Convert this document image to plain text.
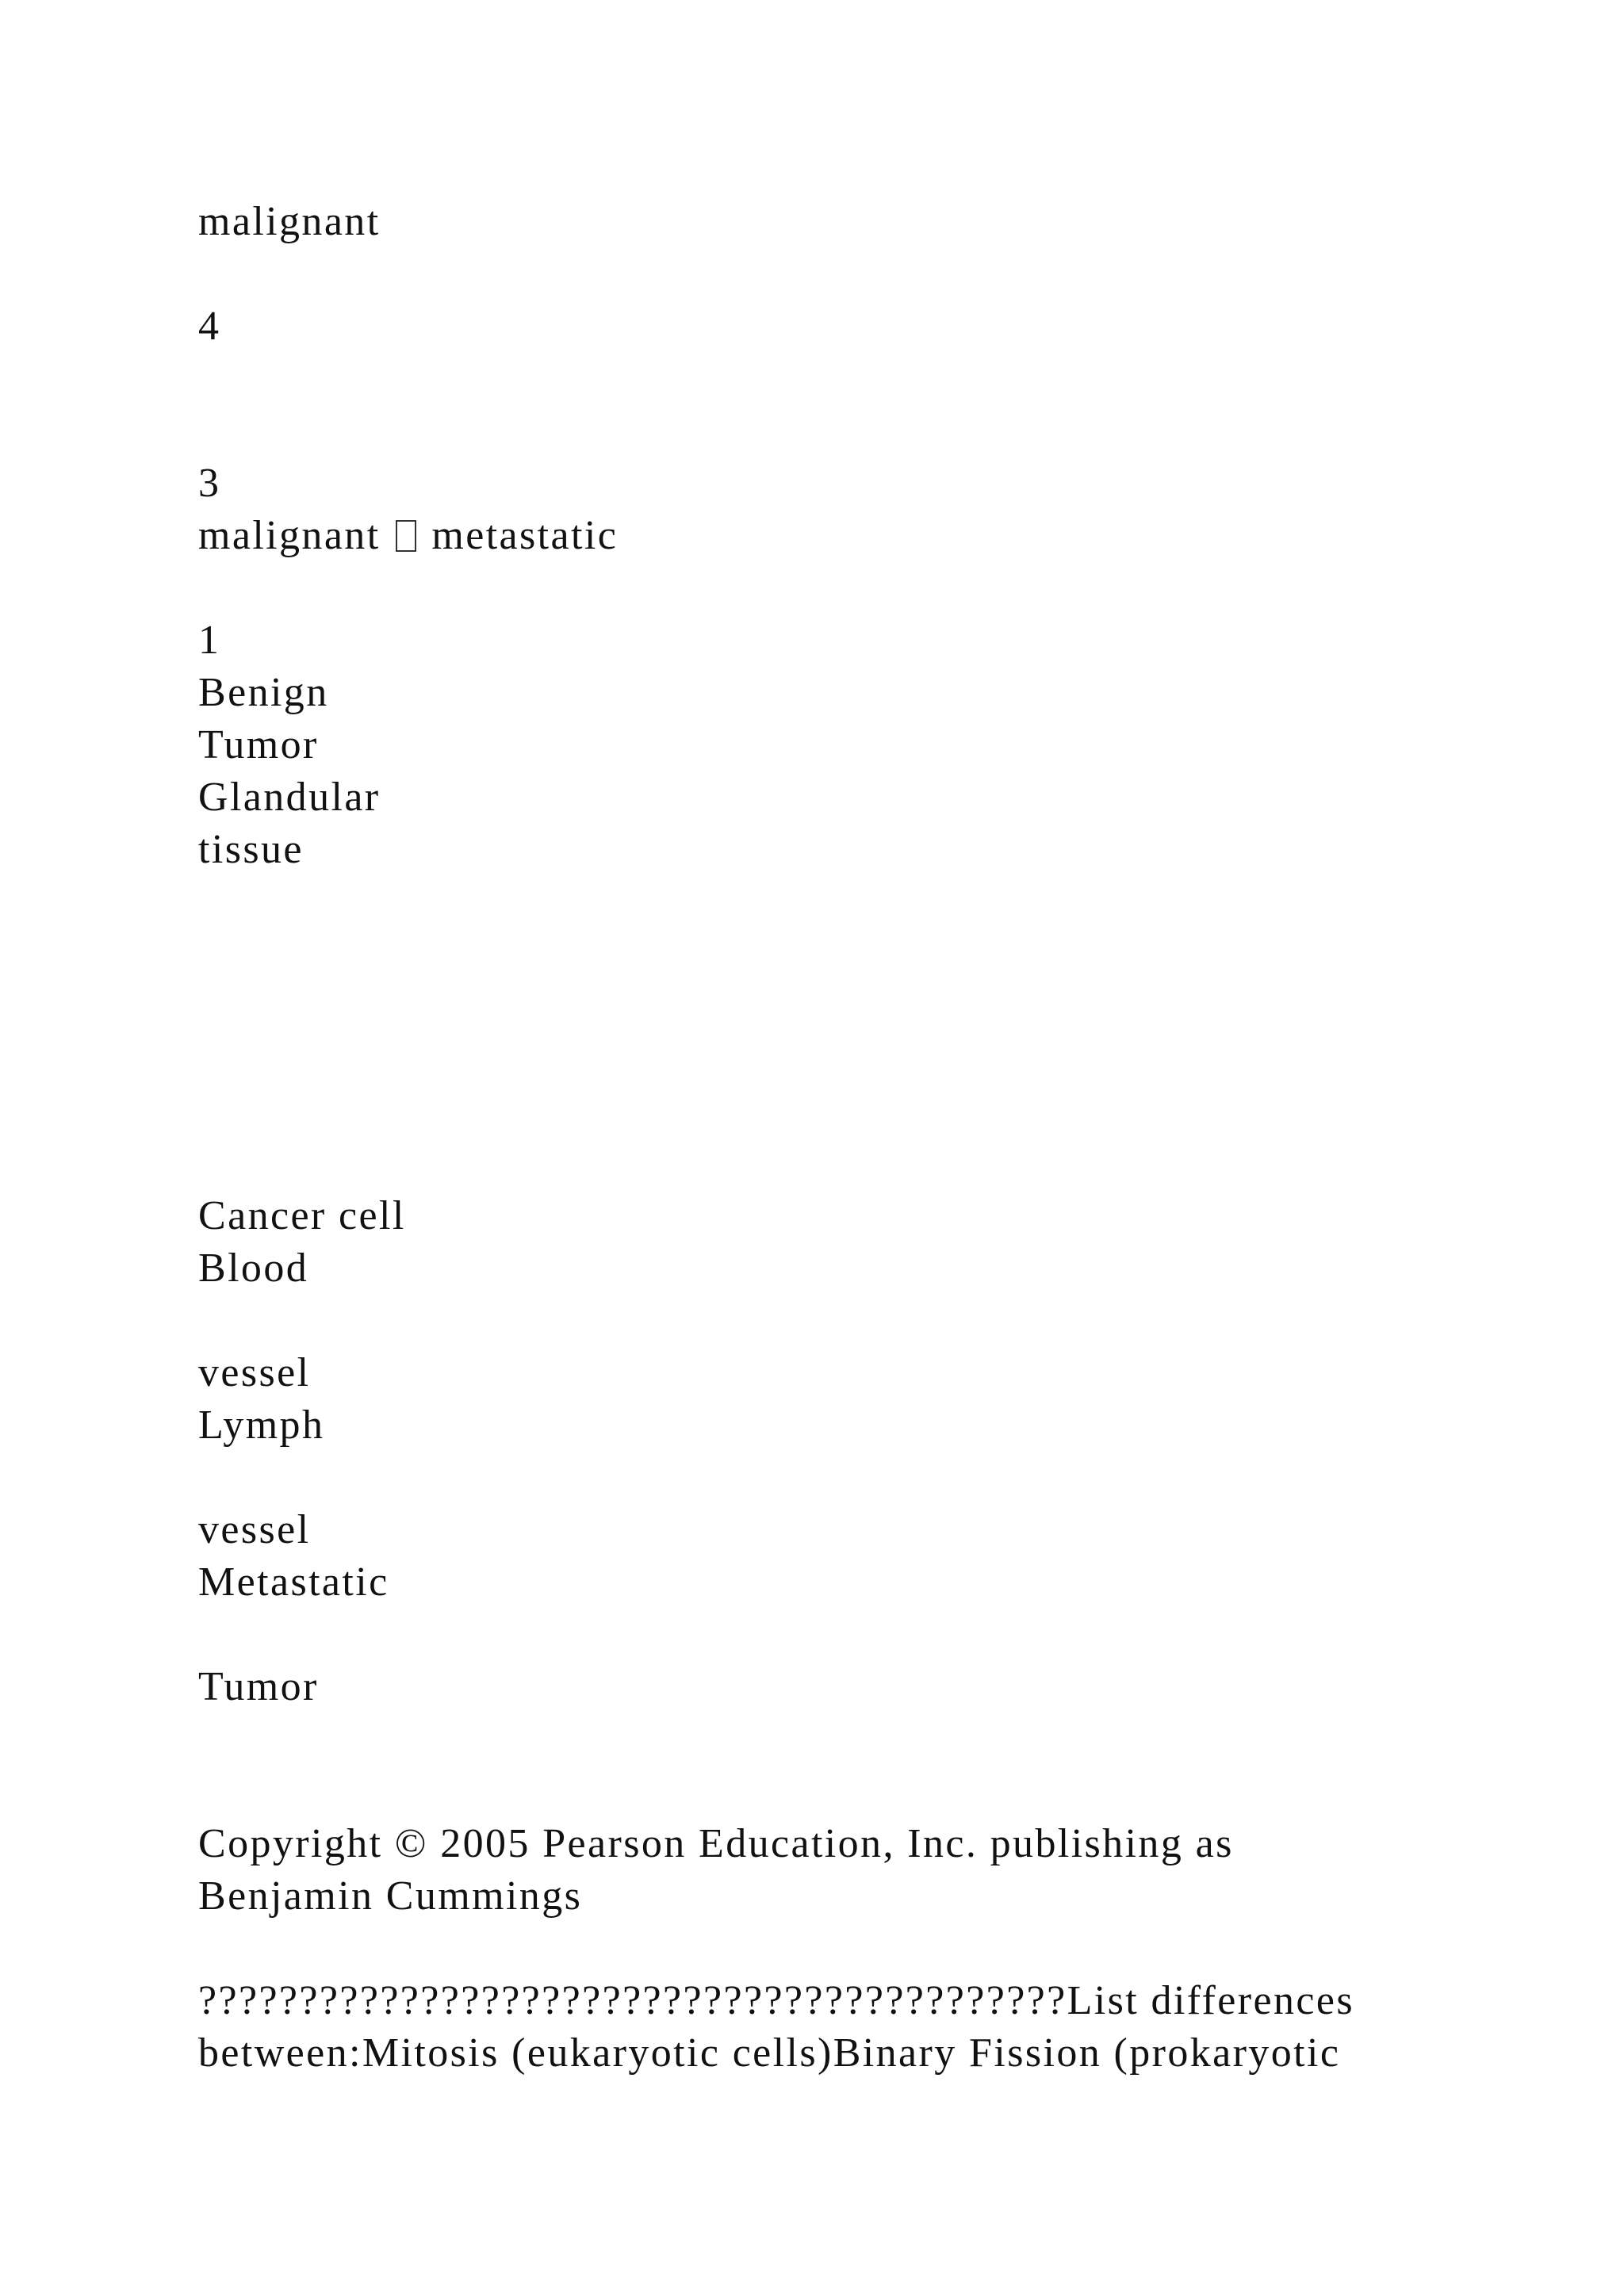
malignant
4
3
malignant metastatic
1
Benign
Tumor
Glandular
tissue
Cancer cell
Blood
vessel
Lymph
vessel
Metastatic
Tumor
Copyright © 2005 Pearson Education, Inc. publishing as
Benjamin Cummings
???????????????????????????????????????????List differences
between:Mitosis (eukaryotic cells)Binary Fission (prokaryotic
